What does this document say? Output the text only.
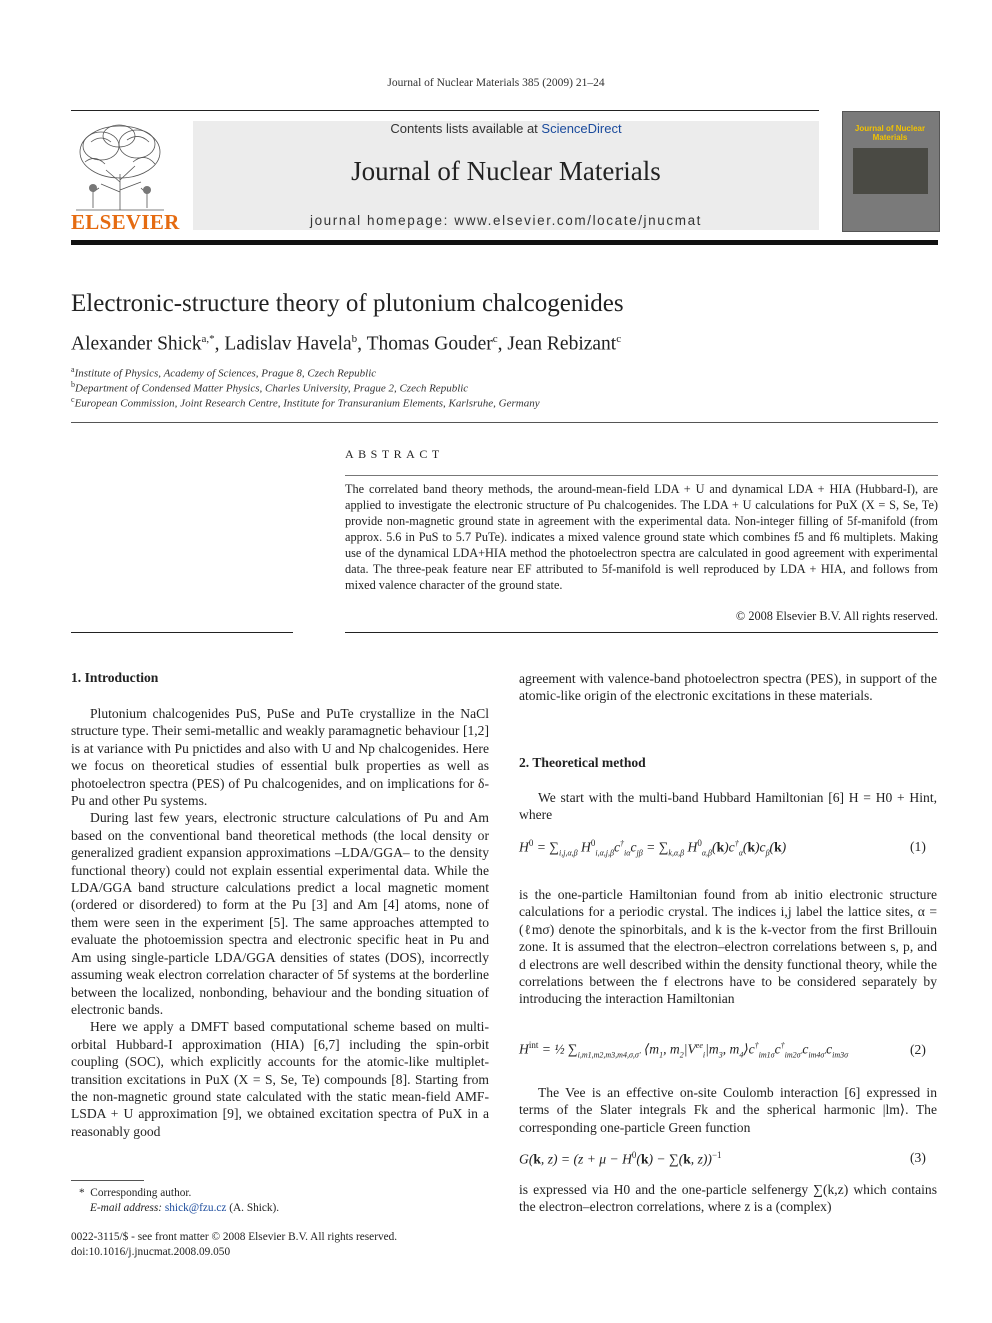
Journal of Nuclear Materials 385 (2009) 21–24
ELSEVIER
Contents lists available at ScienceDirect
Journal of Nuclear Materials
journal homepage: www.elsevier.com/locate/jnucmat
Journal of Nuclear Materials
Electronic-structure theory of plutonium chalcogenides
Alexander Shick$^{a,*}$, Ladislav Havela$^b$, Thomas Gouder$^c$, Jean Rebizant$^c$
$^a$Institute of Physics, Academy of Sciences, Prague 8, Czech Republic
$^b$Department of Condensed Matter Physics, Charles University, Prague 2, Czech Republic
$^c$European Commission, Joint Research Centre, Institute for Transuranium Elements, Karlsruhe, Germany
ABSTRACT
The correlated band theory methods, the around-mean-field LDA + U and dynamical LDA + HIA (Hubbard-I), are applied to investigate the electronic structure of Pu chalcogenides. The LDA + U calculations for PuX (X = S, Se, Te) provide non-magnetic ground state in agreement with the experimental data. Non-integer filling of 5f-manifold (from approx. 5.6 in PuS to 5.7 PuTe). indicates a mixed valence ground state which combines f5 and f6 multiplets. Making use of the dynamical LDA+HIA method the photoelectron spectra are calculated in good agreement with experimental data. The three-peak feature near EF attributed to 5f-manifold is well reproduced by LDA + HIA, and follows from mixed valence character of the ground state.
© 2008 Elsevier B.V. All rights reserved.
1. Introduction

Plutonium chalcogenides PuS, PuSe and PuTe crystallize in the NaCl structure type. Their semi-metallic and weakly paramagnetic behaviour [1,2] is at variance with Pu pnictides and also with U and Np chalcogenides. Here we focus on theoretical studies of essential bulk properties as well as photoelectron spectra (PES) of Pu chalcogenides, and on implications for δ-Pu and other Pu systems.

During last few years, electronic structure calculations of Pu and Am based on the conventional band theoretical methods (the local density or generalized gradient expansion approximations –LDA/GGA– to the density functional theory) could not explain essential experimental data. While the LDA/GGA band structure calculations predict a local magnetic moment (ordered or disordered) to form at the Pu [3] and Am [4] atoms, none of them were seen in the experiment [5]. The same approaches attempted to evaluate the photoemission spectra and electronic specific heat in Pu and Am using single-particle LDA/GGA densities of states (DOS), incorrectly assuming weak electron correlation character of 5f systems at the borderline between the localized, nonbonding, behaviour and the bonding situation of electronic bands.

Here we apply a DMFT based computational scheme based on multi-orbital Hubbard-I approximation (HIA) [6,7] including the spin-orbit coupling (SOC), which explicitly accounts for the atomic-like multiplet-transition excitations in PuX (X = S, Se, Te) compounds [8]. Starting from the non-magnetic ground state calculated with the static mean-field AMF-LSDA + U approximation [9], we obtained excitation spectra of PuX in a reasonably good

agreement with valence-band photoelectron spectra (PES), in support of the atomic-like origin of the electronic excitations in these materials.

2. Theoretical method

We start with the multi-band Hubbard Hamiltonian [6] H = H0 + Hint, where

$H^0 = \sum_{i,j,\alpha,\beta}$ $H^0_{i,\alpha,j,\beta}c^\dagger_{i\alpha}c_{j\beta} = \sum_{k,\alpha,\beta}$ $H^0_{\alpha,\beta}(k)c^\dagger_\alpha(k)c_\beta(k)$	(1)

is the one-particle Hamiltonian found from ab initio electronic structure calculations for a periodic crystal. The indices i,j label the lattice sites, α = (ℓmσ) denote the spinorbitals, and k is the k-vector from the first Brillouin zone. It is assumed that the electron–electron correlations between s, p, and d electrons are well described within the density functional theory, while the correlations between the f electrons have to be considered separately by introducing the interaction Hamiltonian

$H^{int}$ = ½ $\sum_{i,m1,m2,m3,m4,\sigma,\sigma'}$ $⟨m_1$, $m_2|V^{ee}_i|m_3$, $m_4⟩c^\dagger_{im1\sigma}c^\dagger_{im2\sigma'}c_{im4\sigma'}c_{im3\sigma}$	(2)

The Vee is an effective on-site Coulomb interaction [6] expressed in terms of the Slater integrals Fk and the spherical harmonic |lm⟩. The corresponding one-particle Green function

G(k, $z) = (z + \mu - H^0(k) - \sum(k$, z))$^{-1}$	(3)

is expressed via H0 and the one-particle selfenergy ∑(k,z) which contains the electron–electron correlations, where z is a (complex)

*  Corresponding author.
E-mail address: shick@fzu.cz (A. Shick).
0022-3115/$ - see front matter © 2008 Elsevier B.V. All rights reserved.
doi:10.1016/j.jnucmat.2008.09.050
